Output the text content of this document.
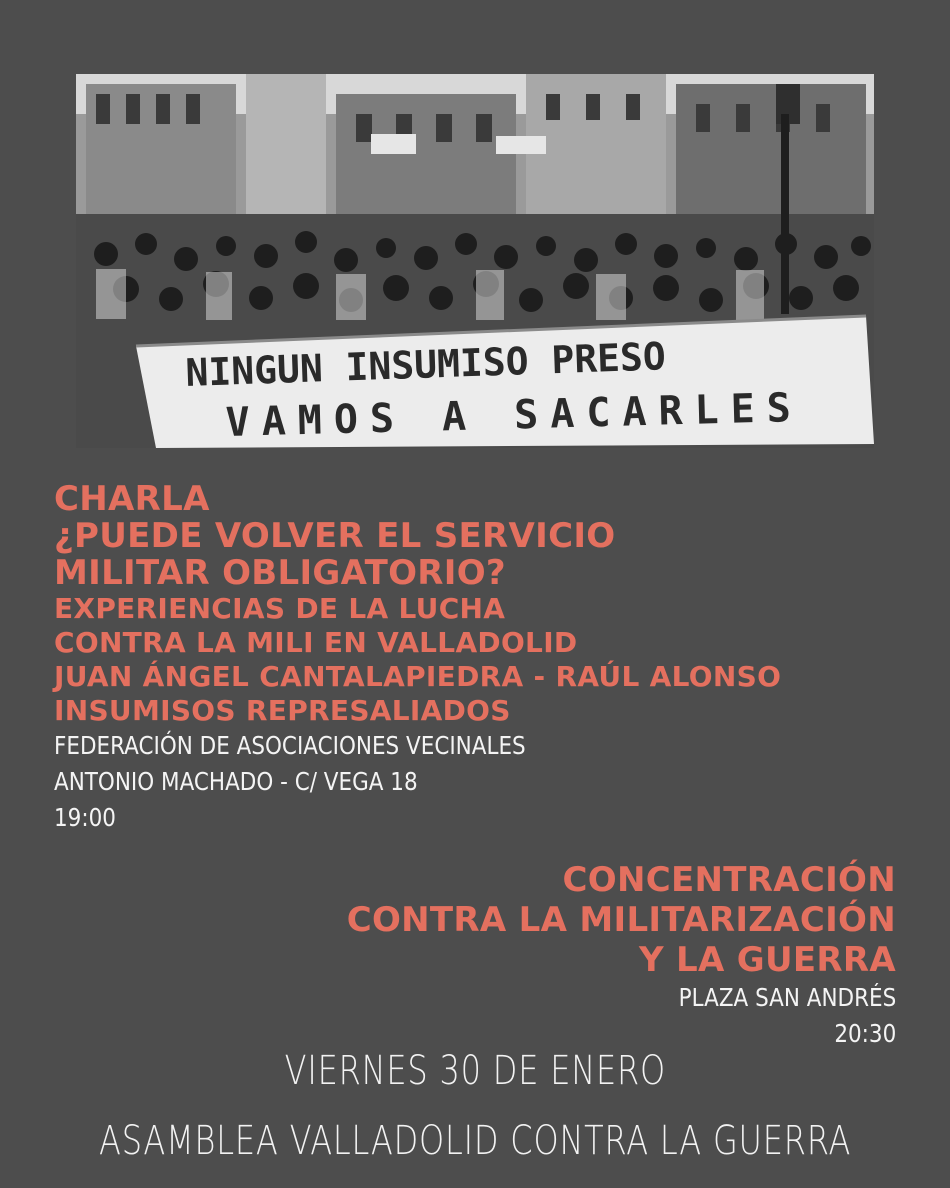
NINGUN INSUMISO PRESO
VAMOS A SACARLES
CHARLA
¿PUEDE VOLVER EL SERVICIO
MILITAR OBLIGATORIO?
EXPERIENCIAS DE LA LUCHA
CONTRA LA MILI EN VALLADOLID
JUAN ÁNGEL CANTALAPIEDRA - RAÚL ALONSO
INSUMISOS REPRESALIADOS
FEDERACIÓN DE ASOCIACIONES VECINALES
ANTONIO MACHADO - C/ VEGA 18
19:00
CONCENTRACIÓN
CONTRA LA MILITARIZACIÓN
Y LA GUERRA
PLAZA SAN ANDRÉS
20:30
VIERNES 30 DE ENERO
ASAMBLEA VALLADOLID CONTRA LA GUERRA
